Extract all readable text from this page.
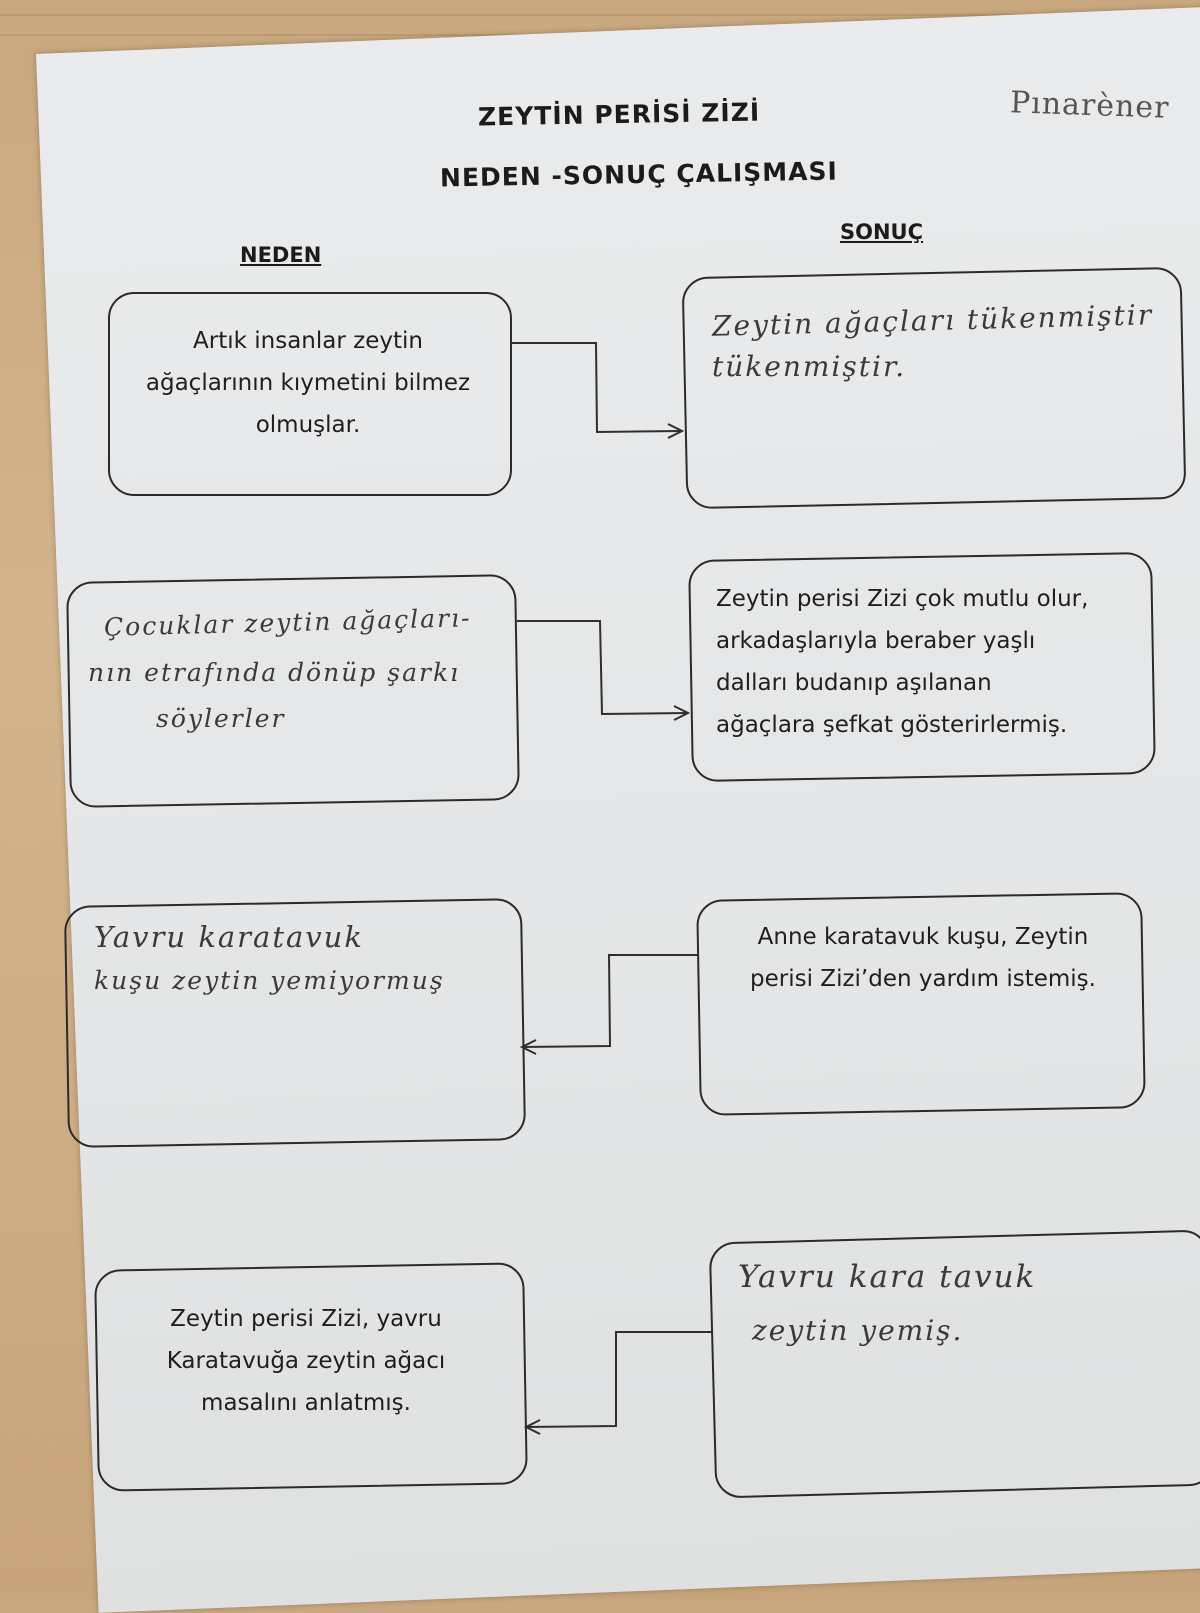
ZEYTİN PERİSİ ZİZİ
NEDEN -SONUÇ ÇALIŞMASI
Pınarèner
NEDEN
SONUÇ
Artık insanlar zeytin
ağaçlarının kıymetini bilmez
olmuşlar.
Zeytin ağaçları tükenmiştir
tükenmiştir.
Çocuklar zeytin ağaçları-
nın etrafında dönüp şarkı
söylerler
Zeytin perisi Zizi çok mutlu olur,
arkadaşlarıyla beraber yaşlı
dalları budanıp aşılanan
ağaçlara şefkat gösterirlermiş.
Yavru karatavuk
kuşu zeytin yemiyormuş
Anne karatavuk kuşu, Zeytin
perisi Zizi’den yardım istemiş.
Zeytin perisi Zizi, yavru
Karatavuğa zeytin ağacı
masalını anlatmış.
Yavru kara tavuk
zeytin yemiş.
